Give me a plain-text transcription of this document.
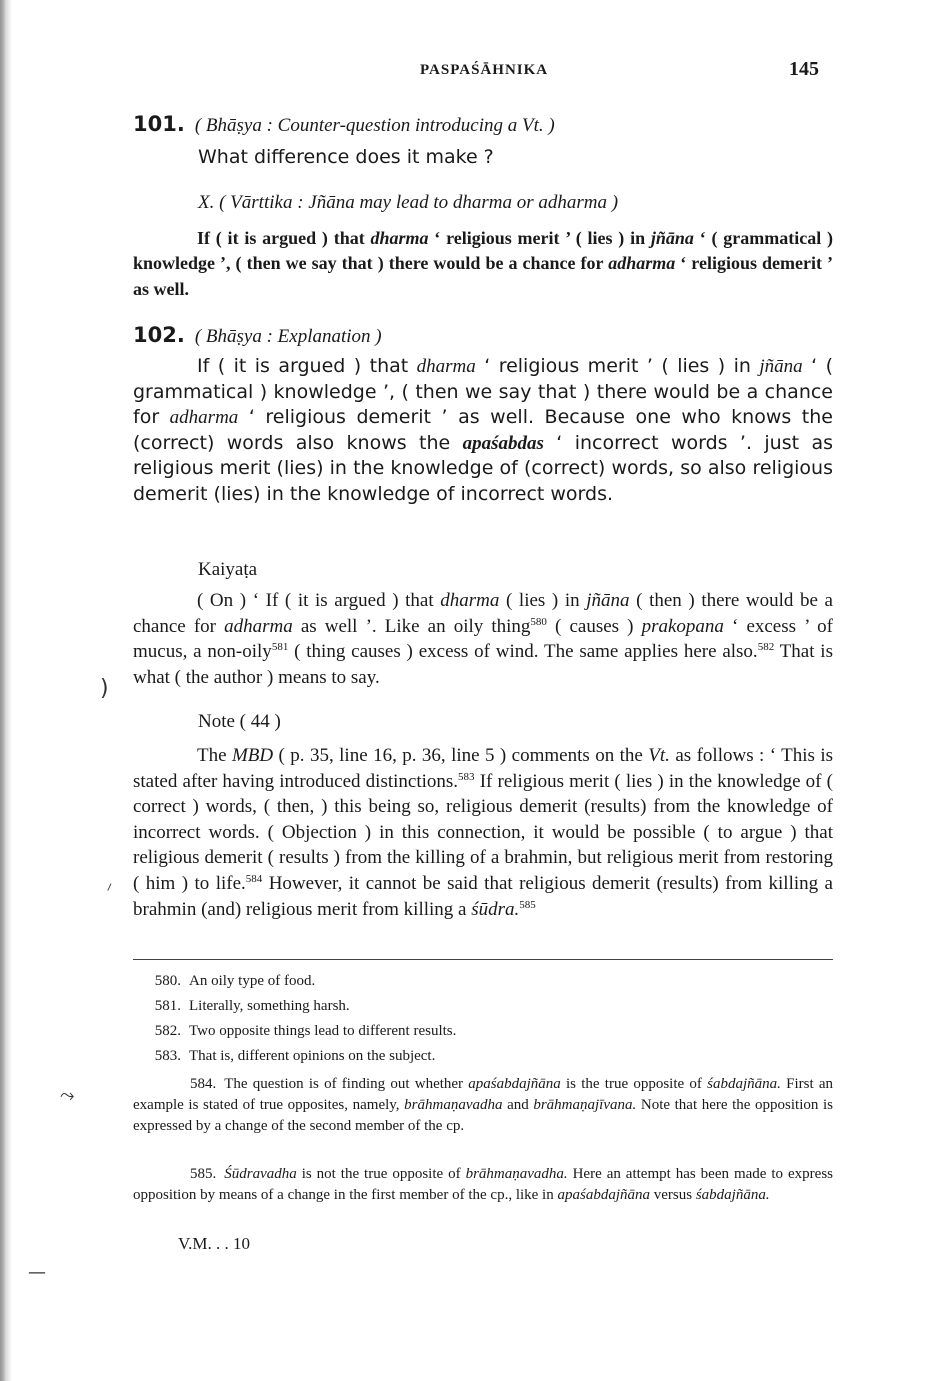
)
⸝
⤳
—
PASPAŚĀHNIKA	145
101. ( Bhāṣya : Counter-question introducing a Vt. )
What difference does it make ?
X. ( Vārttika : Jñāna may lead to dharma or adharma )
If ( it is argued ) that dharma ‘ religious merit ’ ( lies ) in jñāna ‘ ( grammatical ) knowledge ’, ( then we say that ) there would be a chance for adharma ‘ religious demerit ’ as well.
102. ( Bhāṣya : Explanation )
If ( it is argued ) that dharma ‘ religious merit ’ ( lies ) in jñāna ‘ ( grammatical ) knowledge ’, ( then we say that ) there would be a chance for adharma ‘ religious demerit ’ as well. Because one who knows the (correct) words also knows the apaśabdas ‘ incorrect words ’. just as religious merit (lies) in the knowledge of (correct) words, so also religious demerit (lies) in the knowledge of incorrect words.
Kaiyaṭa
( On ) ‘ If ( it is argued ) that dharma ( lies ) in jñāna ( then ) there would be a chance for adharma as well ’. Like an oily thing$^{580}$ ( causes ) prakopana ‘ excess ’ of mucus, a non-oily$^{581}$ ( thing causes ) excess of wind. The same applies here also.$^{582}$ That is what ( the author ) means to say.
Note ( 44 )
The MBD ( p. 35, line 16, p. 36, line 5 ) comments on the Vt. as follows : ‘ This is stated after having introduced distinctions.$^{583}$ If religious merit ( lies ) in the knowledge of ( correct ) words, ( then, ) this being so, religious demerit (results) from the knowledge of incorrect words. ( Objection ) in this connection, it would be possible ( to argue ) that religious demerit ( results ) from the killing of a brahmin, but religious merit from restoring ( him ) to life.$^{584}$ However, it cannot be said that religious demerit (results) from killing a brahmin (and) religious merit from killing a śūdra.$^{585}$
580. An oily type of food.
581. Literally, something harsh.
582. Two opposite things lead to different results.
583. That is, different opinions on the subject.
584. The question is of finding out whether apaśabdajñāna is the true opposite of śabdajñāna. First an example is stated of true opposites, namely, brāhmaṇavadha and brāhmaṇajīvana. Note that here the opposition is expressed by a change of the second member of the cp.
585. Śūdravadha is not the true opposite of brāhmaṇavadha. Here an attempt has been made to express opposition by means of a change in the first member of the cp., like in apaśabdajñāna versus śabdajñāna.
V.M. . . 10
